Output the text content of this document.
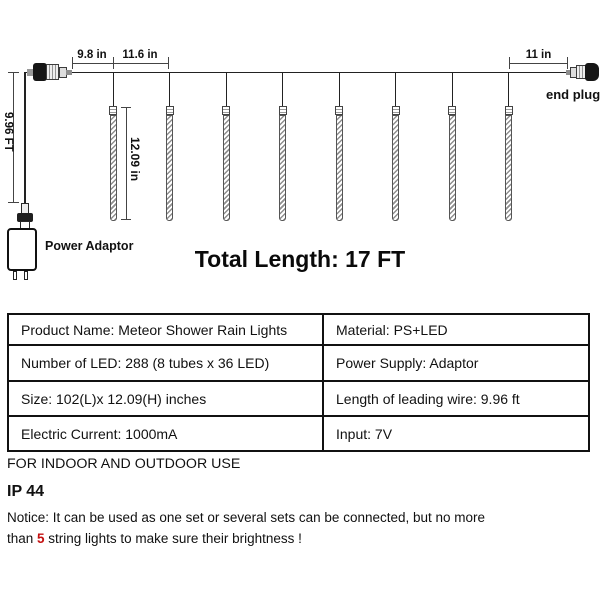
end plug
Power Adaptor
9.8 in	11.6 in	11 in
9.96 FT
12.09 in
Total Length: 17 FT
Product Name: Meteor Shower Rain Lights	Material: PS+LED
Number of LED: 288 (8 tubes x 36 LED)	Power Supply: Adaptor
Size: 102(L)x 12.09(H) inches	Length of leading wire: 9.96 ft
Electric Current: 1000mA	Input: 7V
FOR INDOOR AND OUTDOOR USE
IP 44
Notice: It can be used as one set or several sets can be connected, but no more
than 5 string lights to make sure their brightness !
